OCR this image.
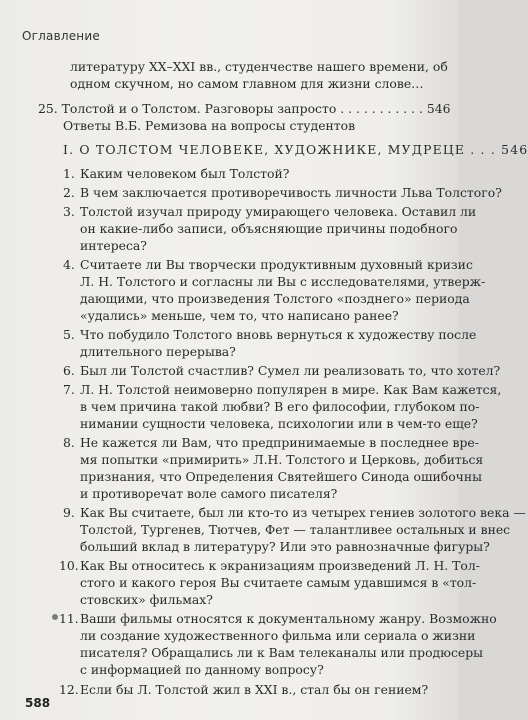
Оглавление
литературу XX–XXI вв., студенчестве нашего времени, об
одном скучном, но самом главном для жизни слове…
25. Толстой и о Толстом. Разговоры запросто . . . . . . . . . . . 546
Ответы В.Б. Ремизова на вопросы студентов
I. О ТОЛСТОМ ЧЕЛОВЕКЕ, ХУДОЖНИКЕ, МУДРЕЦЕ . . . 546
1. Каким человеком был Толстой?
2. В чем заключается противоречивость личности Льва Толстого?
3. Толстой изучал природу умирающего человека. Оставил ли
он какие-либо записи, объясняющие причины подобного
интереса?
4. Считаете ли Вы творчески продуктивным духовный кризис
Л. Н. Толстого и согласны ли Вы с исследователями, утверж-
дающими, что произведения Толстого «позднего» периода
«удались» меньше, чем то, что написано ранее?
5. Что побудило Толстого вновь вернуться к художеству после
длительного перерыва?
6. Был ли Толстой счастлив? Сумел ли реализовать то, что хотел?
7. Л. Н. Толстой неимоверно популярен в мире. Как Вам кажется,
в чем причина такой любви? В его философии, глубоком по-
нимании сущности человека, психологии или в чем-то еще?
8. Не кажется ли Вам, что предпринимаемые в последнее вре-
мя попытки «примирить» Л.Н. Толстого и Церковь, добиться
признания, что Определения Святейшего Синода ошибочны
и противоречат воле самого писателя?
9. Как Вы считаете, был ли кто-то из четырех гениев золотого века —
Толстой, Тургенев, Тютчев, Фет — талантливее остальных и внес
больший вклад в литературу? Или это равнозначные фигуры?
10. Как Вы относитесь к экранизациям произведений Л. Н. Тол-
стого и какого героя Вы считаете самым удавшимся в «тол-
стовских» фильмах?
11. Ваши фильмы относятся к документальному жанру. Возможно
ли создание художественного фильма или сериала о жизни
писателя? Обращались ли к Вам телеканалы или продюсеры
с информацией по данному вопросу?
12. Если бы Л. Толстой жил в XXI в., стал бы он гением?
588
